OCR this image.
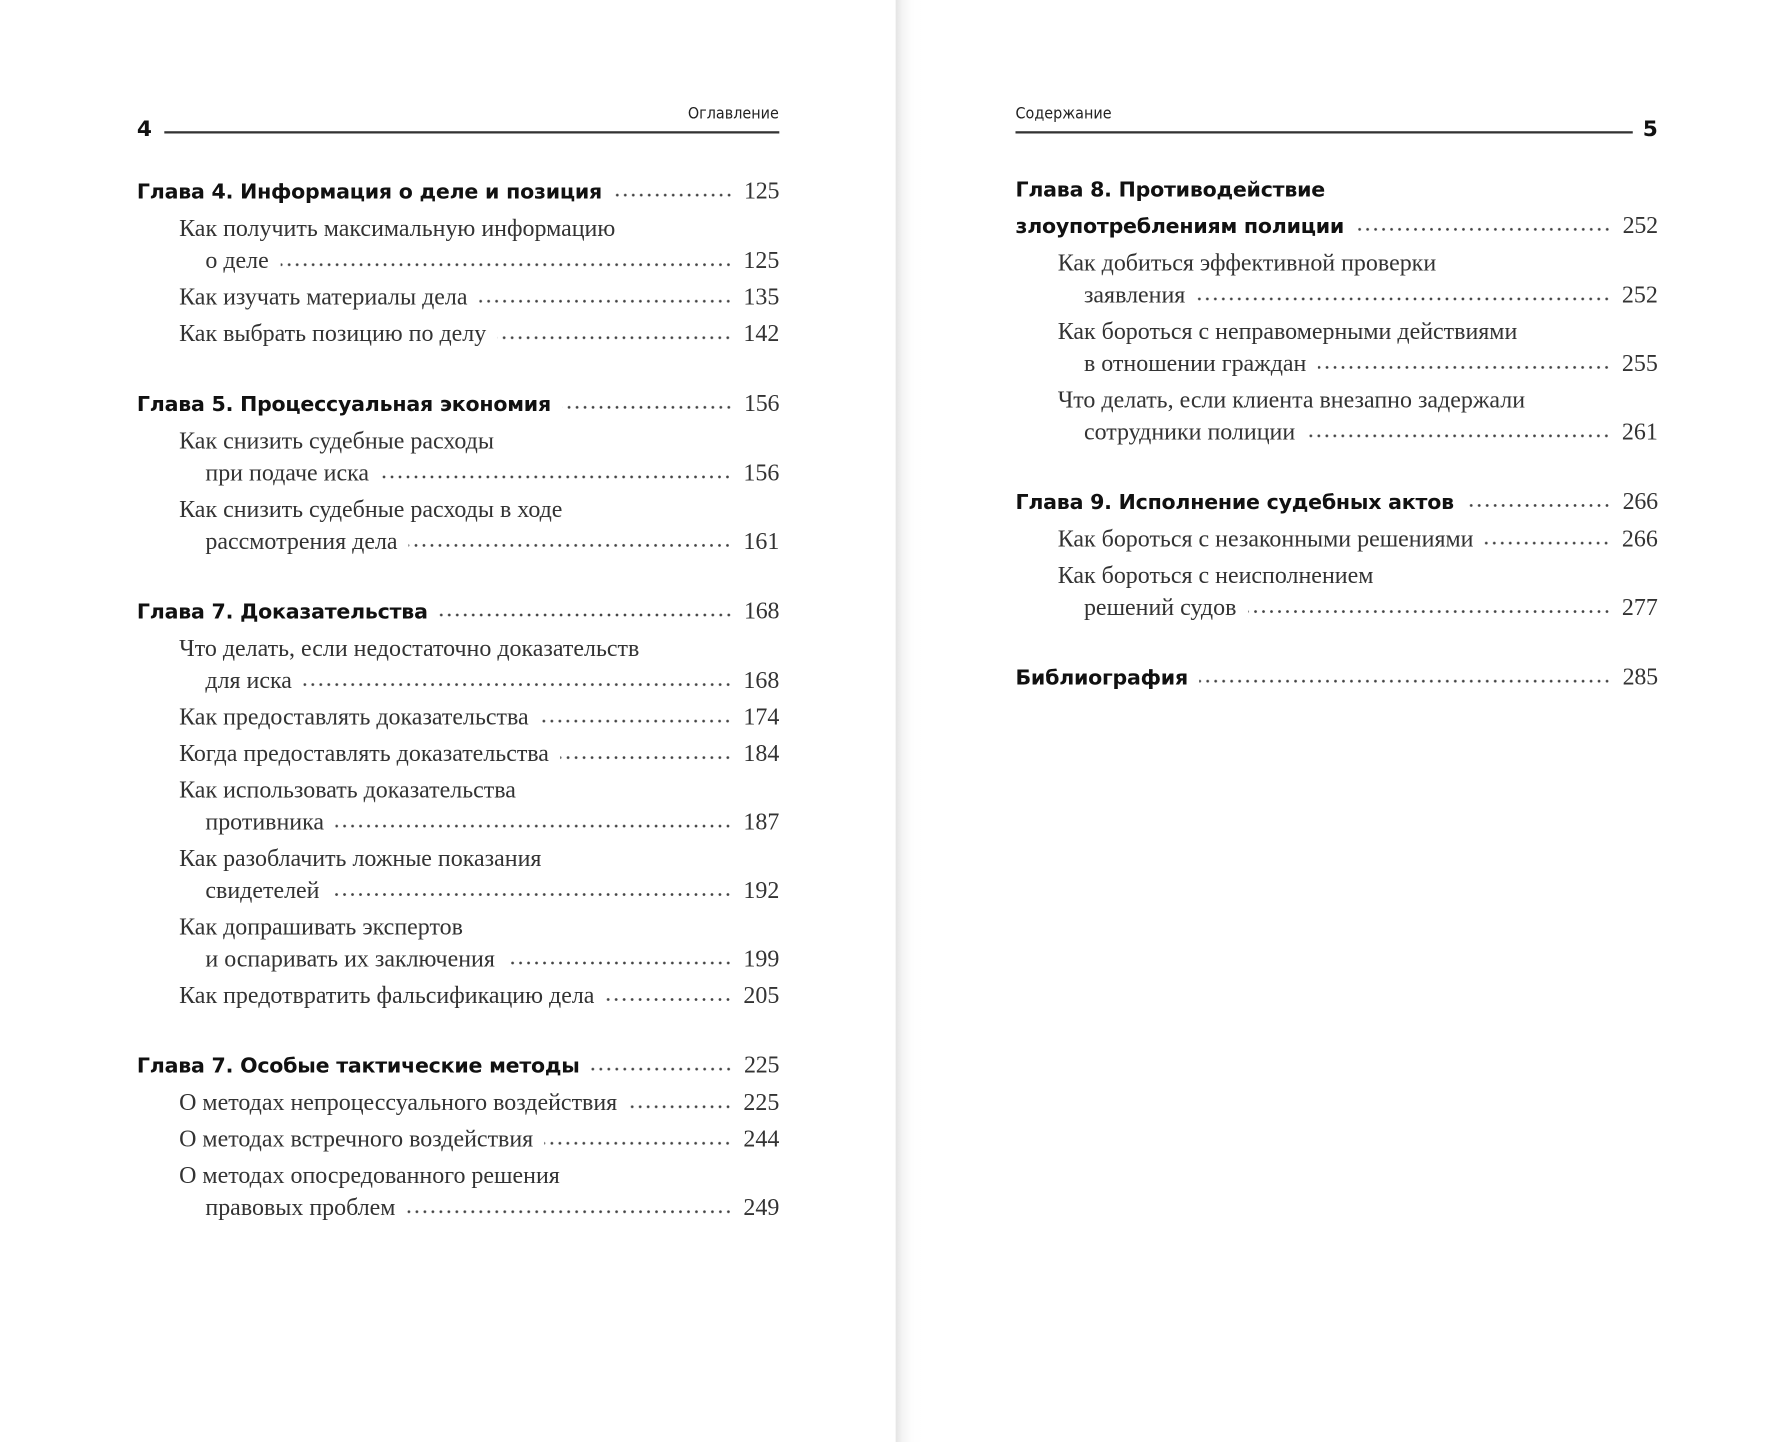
4
Оглавление
Глава 4. Информация о деле и позиция	125
Как получить максимальную информацию
о деле	125
Как изучать материалы дела	135
Как выбрать позицию по делу	142
Глава 5. Процессуальная экономия	156
Как снизить судебные расходы
при подаче иска	156
Как снизить судебные расходы в ходе
рассмотрения дела	161
Глава 7. Доказательства	168
Что делать, если недостаточно доказательств
для иска	168
Как предоставлять доказательства	174
Когда предоставлять доказательства	184
Как использовать доказательства
противника	187
Как разоблачить ложные показания
свидетелей	192
Как допрашивать экспертов
и оспаривать их заключения	199
Как предотвратить фальсификацию дела	205
Глава 7. Особые тактические методы	225
О методах непроцессуального воздействия	225
О методах встречного воздействия	244
О методах опосредованного решения
правовых проблем	249
Содержание
5
Глава 8. Противодействие
злоупотреблениям полиции	252
Как добиться эффективной проверки
заявления	252
Как бороться с неправомерными действиями
в отношении граждан	255
Что делать, если клиента внезапно задержали
сотрудники полиции	261
Глава 9. Исполнение судебных актов	266
Как бороться с незаконными решениями	266
Как бороться с неисполнением
решений судов	277
Библиография	285
